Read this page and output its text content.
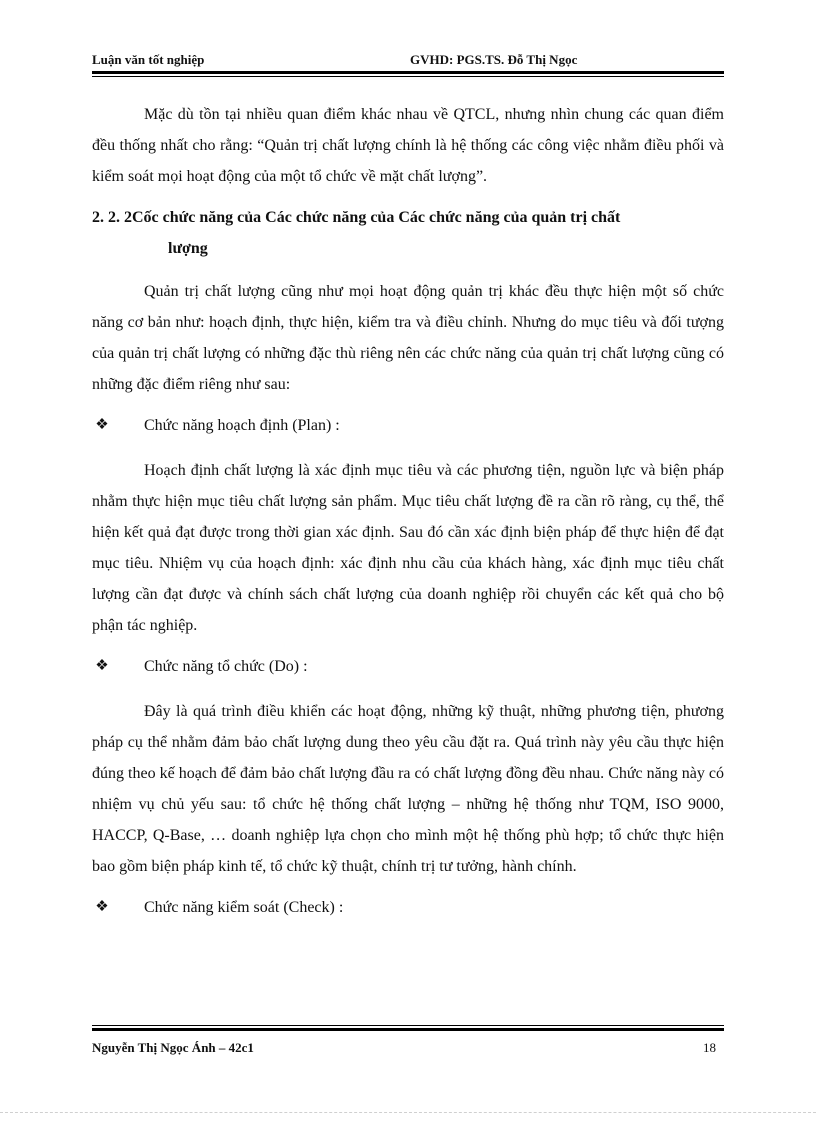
Luận văn tốt nghiệp	GVHD: PGS.TS. Đỗ Thị Ngọc

Mặc dù tồn tại nhiều quan điểm khác nhau về QTCL, nhưng nhìn chung các quan điểm đều thống nhất cho rằng: “Quản trị chất lượng chính là hệ thống các công việc nhằm điều phối và kiểm soát mọi hoạt động của một tổ chức về mặt chất lượng”.

2. 2. 2Cốc chức năng của Các chức năng của Các chức năng của quản trị chất
lượng

Quản trị chất lượng cũng như mọi hoạt động quản trị khác đều thực hiện một số chức năng cơ bản như: hoạch định, thực hiện, kiểm tra và điều chỉnh. Nhưng do mục tiêu và đối tượng của quản trị chất lượng có những đặc thù riêng nên các chức năng của quản trị chất lượng cũng có những đặc điểm riêng như sau:

❖ Chức năng hoạch định (Plan) :

Hoạch định chất lượng là xác định mục tiêu và các phương tiện, nguồn lực và biện pháp nhằm thực hiện mục tiêu chất lượng sản phẩm. Mục tiêu chất lượng đề ra cần rõ ràng, cụ thể, thể hiện kết quả đạt được trong thời gian xác định. Sau đó cần xác định biện pháp để thực hiện để đạt mục tiêu. Nhiệm vụ của hoạch định: xác định nhu cầu của khách hàng, xác định mục tiêu chất lượng cần đạt được và chính sách chất lượng của doanh nghiệp rồi chuyển các kết quả cho bộ phận tác nghiệp.

❖ Chức năng tổ chức (Do) :

Đây là quá trình điều khiển các hoạt động, những kỹ thuật, những phương tiện, phương pháp cụ thể nhằm đảm bảo chất lượng dung theo yêu cầu đặt ra. Quá trình này yêu cầu thực hiện đúng theo kế hoạch để đảm bảo chất lượng đầu ra có chất lượng đồng đều nhau. Chức năng này có nhiệm vụ chủ yếu sau: tổ chức hệ thống chất lượng – những hệ thống như TQM, ISO 9000, HACCP, Q-Base, … doanh nghiệp lựa chọn cho mình một hệ thống phù hợp; tổ chức thực hiện bao gồm biện pháp kinh tế, tổ chức kỹ thuật, chính trị tư tưởng, hành chính.

❖ Chức năng kiểm soát (Check) :
Nguyễn Thị Ngọc Ánh – 42c1	18
